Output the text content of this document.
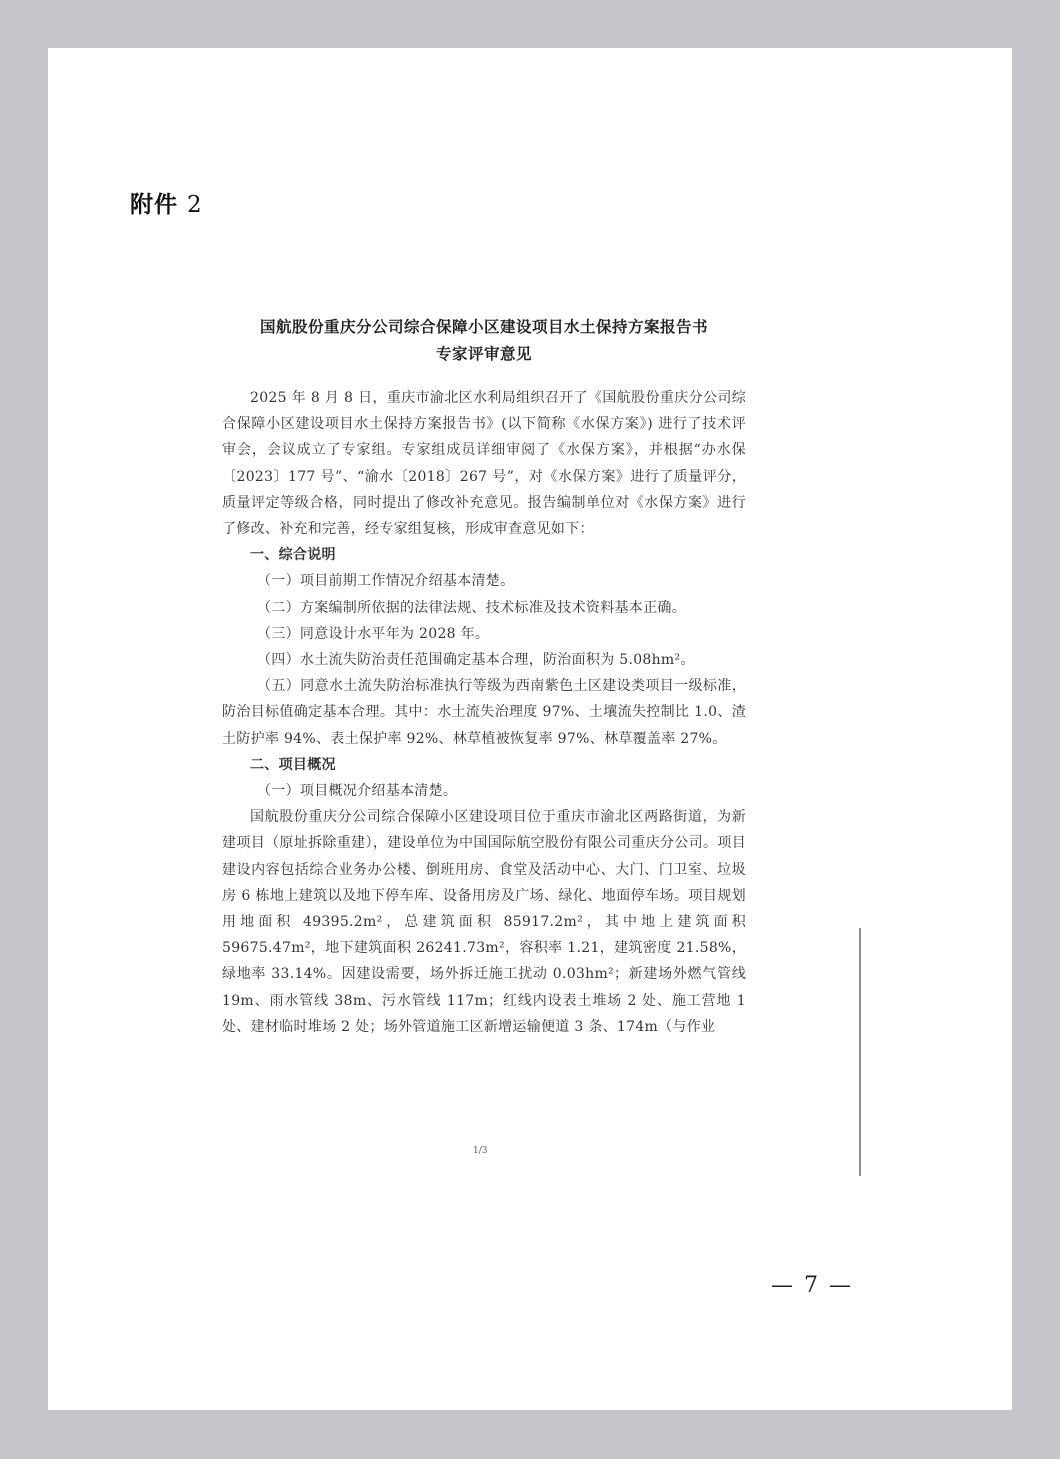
附件 2
国航股份重庆分公司综合保障小区建设项目水土保持方案报告书
专家评审意见

2025 年 8 月 8 日，重庆市渝北区水利局组织召开了《国航股份重庆分公司综合保障小区建设项目水土保持方案报告书》(以下简称《水保方案》) 进行了技术评审会，会议成立了专家组。专家组成员详细审阅了《水保方案》，并根据“办水保〔2023〕177 号”、“渝水〔2018〕267 号”，对《水保方案》进行了质量评分，质量评定等级合格，同时提出了修改补充意见。报告编制单位对《水保方案》进行了修改、补充和完善，经专家组复核，形成审查意见如下：

一、综合说明

（一）项目前期工作情况介绍基本清楚。

（二）方案编制所依据的法律法规、技术标准及技术资料基本正确。

（三）同意设计水平年为 2028 年。

（四）水土流失防治责任范围确定基本合理，防治面积为 5.08hm²。

（五）同意水土流失防治标准执行等级为西南紫色土区建设类项目一级标准，防治目标值确定基本合理。其中：水土流失治理度 97%、土壤流失控制比 1.0、渣土防护率 94%、表土保护率 92%、林草植被恢复率 97%、林草覆盖率 27%。

二、项目概况

（一）项目概况介绍基本清楚。

国航股份重庆分公司综合保障小区建设项目位于重庆市渝北区两路街道，为新建项目（原址拆除重建），建设单位为中国国际航空股份有限公司重庆分公司。项目建设内容包括综合业务办公楼、倒班用房、食堂及活动中心、大门、门卫室、垃圾房 6 栋地上建筑以及地下停车库、设备用房及广场、绿化、地面停车场。项目规划用地面积 49395.2m²，总建筑面积 85917.2m²，其中地上建筑面积 59675.47m²，地下建筑面积 26241.73m²，容积率 1.21，建筑密度 21.58%，绿地率 33.14%。因建设需要，场外拆迁施工扰动 0.03hm²；新建场外燃气管线 19m、雨水管线 38m、污水管线 117m；红线内设表土堆场 2 处、施工营地 1 处、建材临时堆场 2 处；场外管道施工区新增运输便道 3 条、174m（与作业

1/3
— 7 —
